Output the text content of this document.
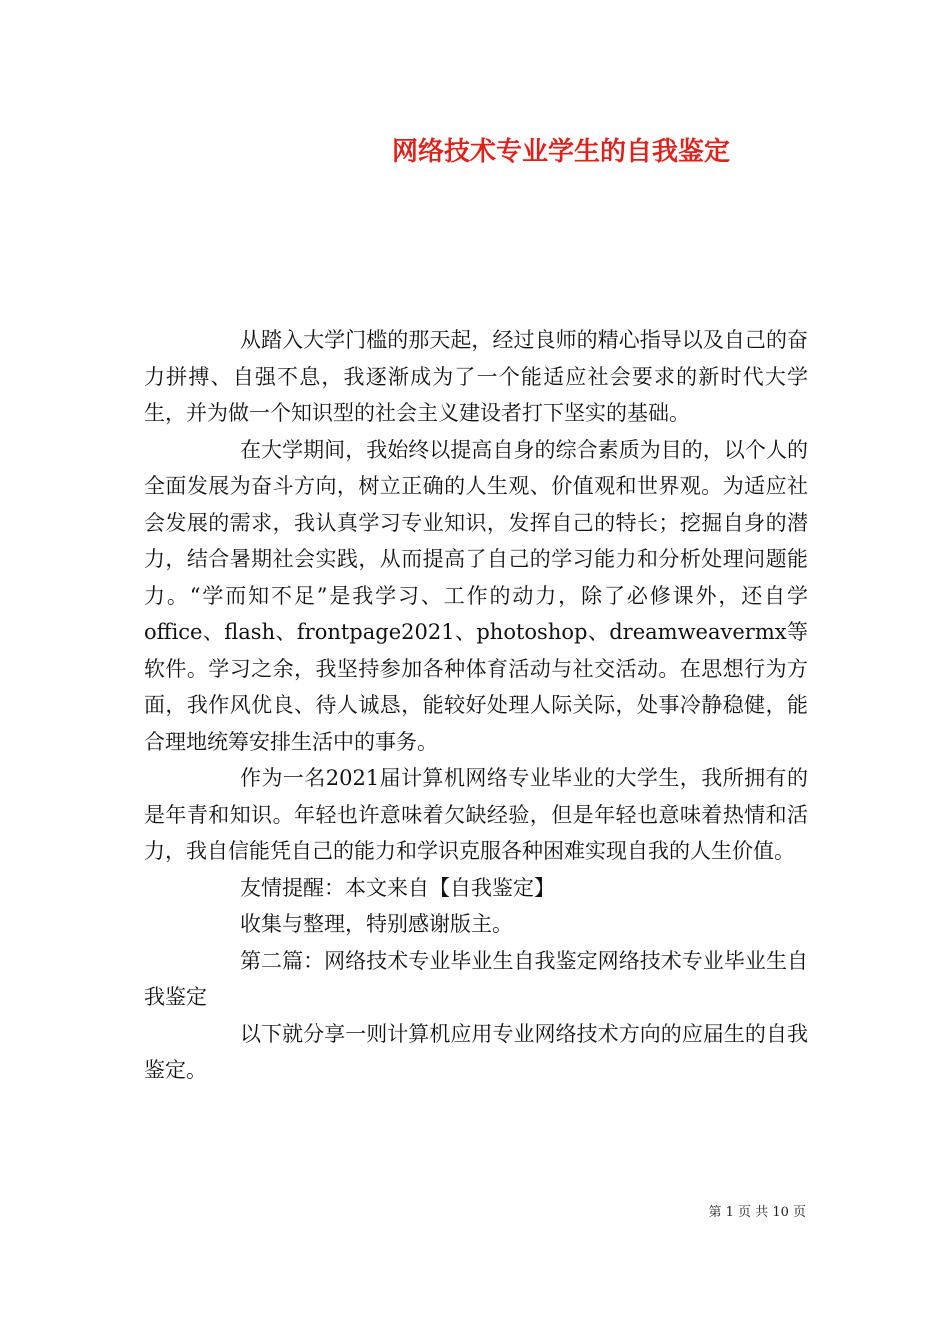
网络技术专业学生的自我鉴定

从踏入大学门槛的那天起，经过良师的精心指导以及自己的奋力拼搏、自强不息，我逐渐成为了一个能适应社会要求的新时代大学生，并为做一个知识型的社会主义建设者打下坚实的基础。

在大学期间，我始终以提高自身的综合素质为目的，以个人的全面发展为奋斗方向，树立正确的人生观、价值观和世界观。为适应社会发展的需求，我认真学习专业知识，发挥自己的特长；挖掘自身的潜力，结合暑期社会实践，从而提高了自己的学习能力和分析处理问题能力。“学而知不足”是我学习、工作的动力，除了必修课外，还自学office、flash、frontpage2021、photoshop、dreamweavermx等软件。学习之余，我坚持参加各种体育活动与社交活动。在思想行为方面，我作风优良、待人诚恳，能较好处理人际关际，处事冷静稳健，能合理地统筹安排生活中的事务。

作为一名2021届计算机网络专业毕业的大学生，我所拥有的是年青和知识。年轻也许意味着欠缺经验，但是年轻也意味着热情和活力，我自信能凭自己的能力和学识克服各种困难实现自我的人生价值。

友情提醒：本文来自【自我鉴定】

收集与整理，特别感谢版主。

第二篇：网络技术专业毕业生自我鉴定网络技术专业毕业生自我鉴定

以下就分享一则计算机应用专业网络技术方向的应届生的自我鉴定。

第 1 页 共 10 页
